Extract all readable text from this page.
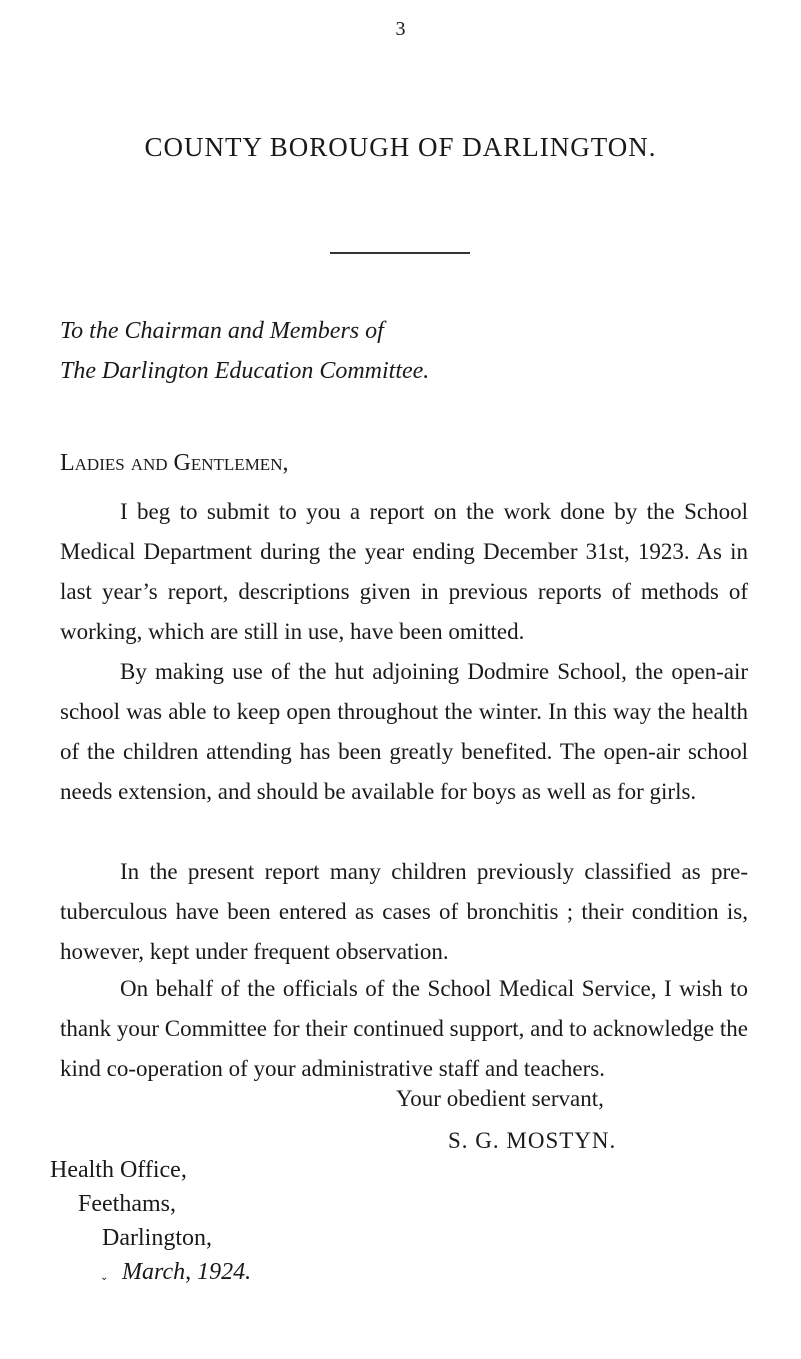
3
COUNTY BOROUGH OF DARLINGTON.
To the Chairman and Members of
The Darlington Education Committee.
Ladies and Gentlemen,

I beg to submit to you a report on the work done by the School Medical Department during the year ending December 31st, 1923. As in last year’s report, descriptions given in previous reports of methods of working, which are still in use, have been omitted.

By making use of the hut adjoining Dodmire School, the open-air school was able to keep open throughout the winter. In this way the health of the children attending has been greatly benefited. The open-air school needs extension, and should be available for boys as well as for girls.

In the present report many children previously classified as pre-tuberculous have been entered as cases of bronchitis ; their condition is, however, kept under frequent observation.

On behalf of the officials of the School Medical Service, I wish to thank your Committee for their continued support, and to acknowledge the kind co-operation of your administrative staff and teachers.

Your obedient servant,
S. G. MOSTYN.
Health Office,
Feethams,
Darlington,
March, 1924.
⌄
